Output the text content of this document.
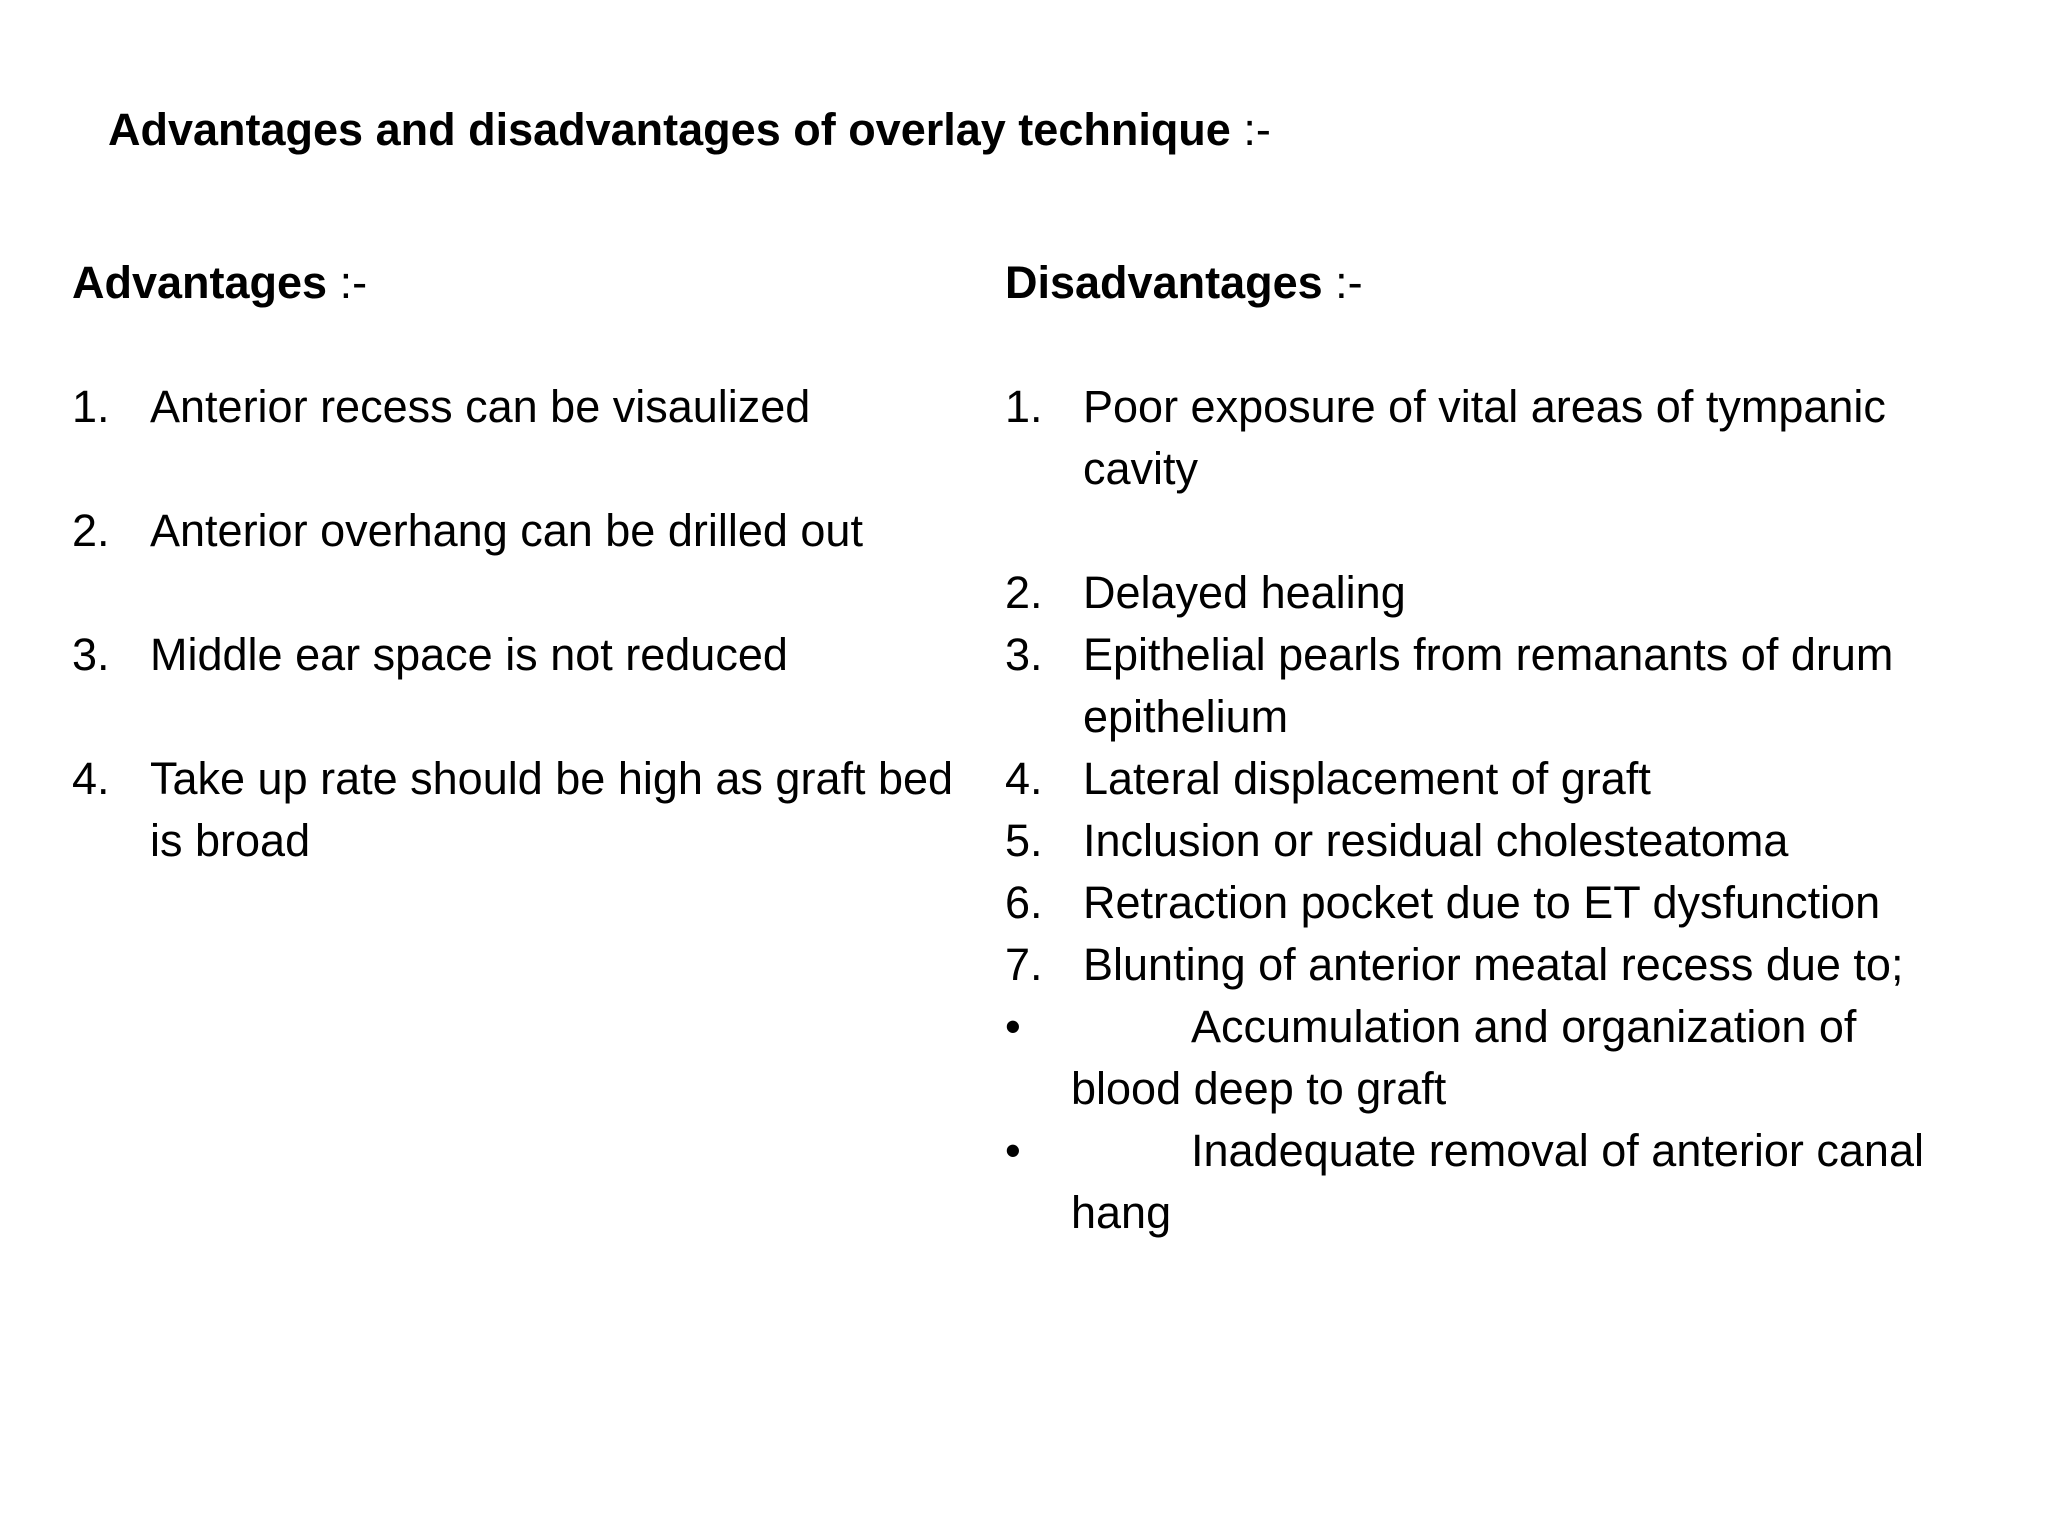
Advantages and disadvantages of overlay technique :-
Advantages :-
1. Anterior recess can be visaulized
2. Anterior overhang can be drilled out
3. Middle ear space is not reduced
4. Take up rate should be high as graft bed is broad
Disadvantages :-
1. Poor exposure of vital areas of tympanic cavity
2. Delayed healing
3. Epithelial pearls from remanants of drum epithelium
4. Lateral displacement of graft
5. Inclusion or residual cholesteatoma
6. Retraction pocket due to ET dysfunction
7. Blunting of anterior meatal recess due to;
•	Accumulation and organization of blood deep to graft
•	Inadequate removal of anterior canal hang
